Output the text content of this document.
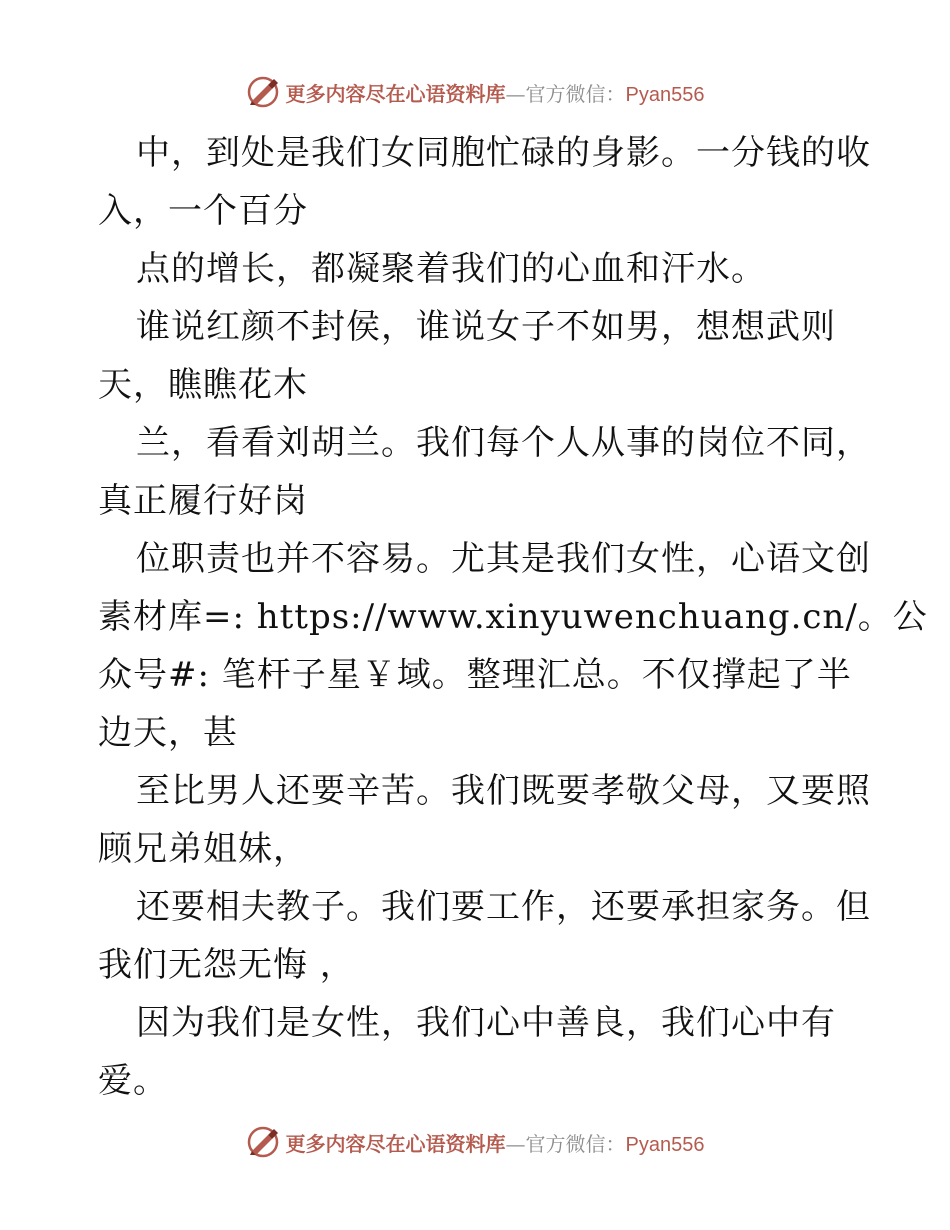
更多内容尽在心语资料库—官方微信：Pyan556
中，到处是我们女同胞忙碌的身影。一分钱的收
入，一个百分
点的增长，都凝聚着我们的心血和汗水。
谁说红颜不封侯，谁说女子不如男，想想武则
天，瞧瞧花木
兰，看看刘胡兰。我们每个人从事的岗位不同，
真正履行好岗
位职责也并不容易。尤其是我们女性，心语文创
素材库=: https://www.xinyuwenchuang.cn/。公
众号#: 笔杆子星￥域。整理汇总。不仅撑起了半
边天，甚
至比男人还要辛苦。我们既要孝敬父母，又要照
顾兄弟姐妹，
还要相夫教子。我们要工作，还要承担家务。但
我们无怨无悔 ，
因为我们是女性，我们心中善良，我们心中有
爱。
更多内容尽在心语资料库—官方微信：Pyan556
